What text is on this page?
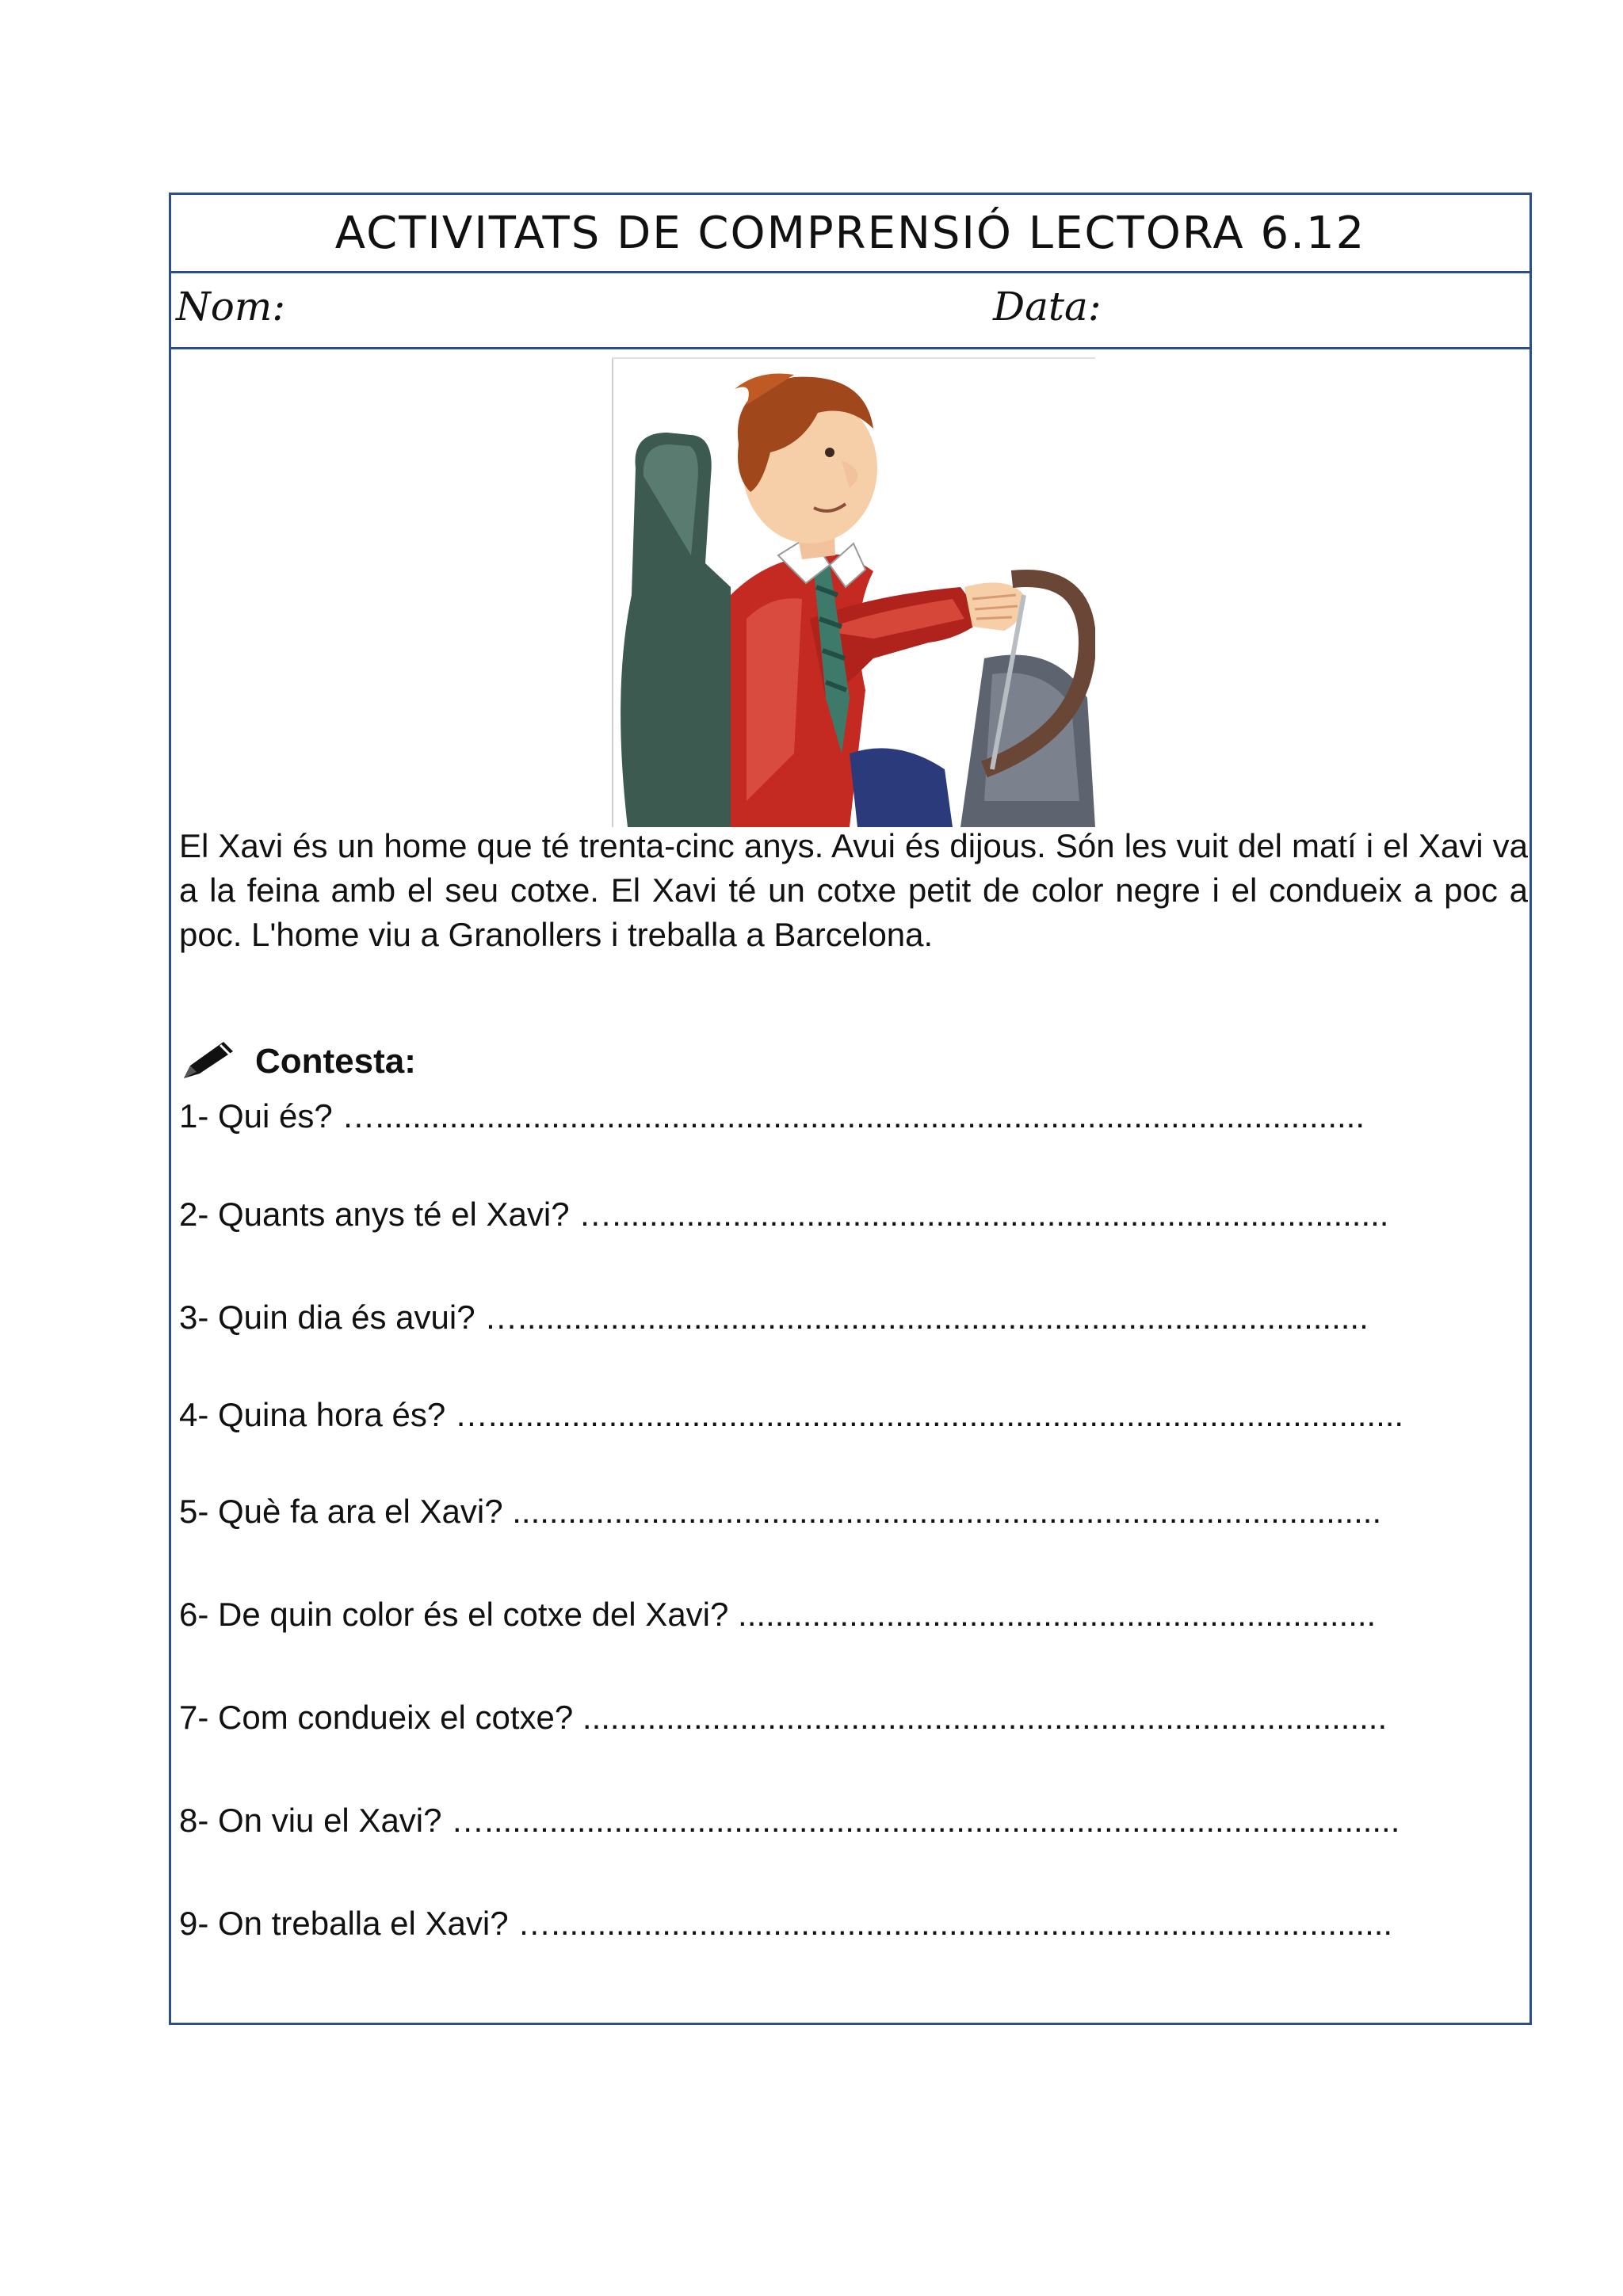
ACTIVITATS DE COMPRENSIÓ LECTORA 6.12
Nom:	Data:
El Xavi és un home que té trenta-cinc anys. Avui és dijous. Són les vuit del matí i el Xavi va a la feina amb el seu cotxe. El Xavi té un cotxe petit de color negre i el condueix a poc a poc. L'home viu a Granollers i treballa a Barcelona.
Contesta:
1- Qui és? …...........................................................................................................
2- Quants anys té el Xavi? …....................................................................................
3- Quin dia és avui? …............................................................................................
4- Quina hora és? …...................................................................................................
5- Què fa ara el Xavi? ..............................................................................................
6- De quin color és el cotxe del Xavi? .....................................................................
7- Com condueix el cotxe? .......................................................................................
8- On viu el Xavi? …...................................................................................................
9- On treballa el Xavi? …...........................................................................................
